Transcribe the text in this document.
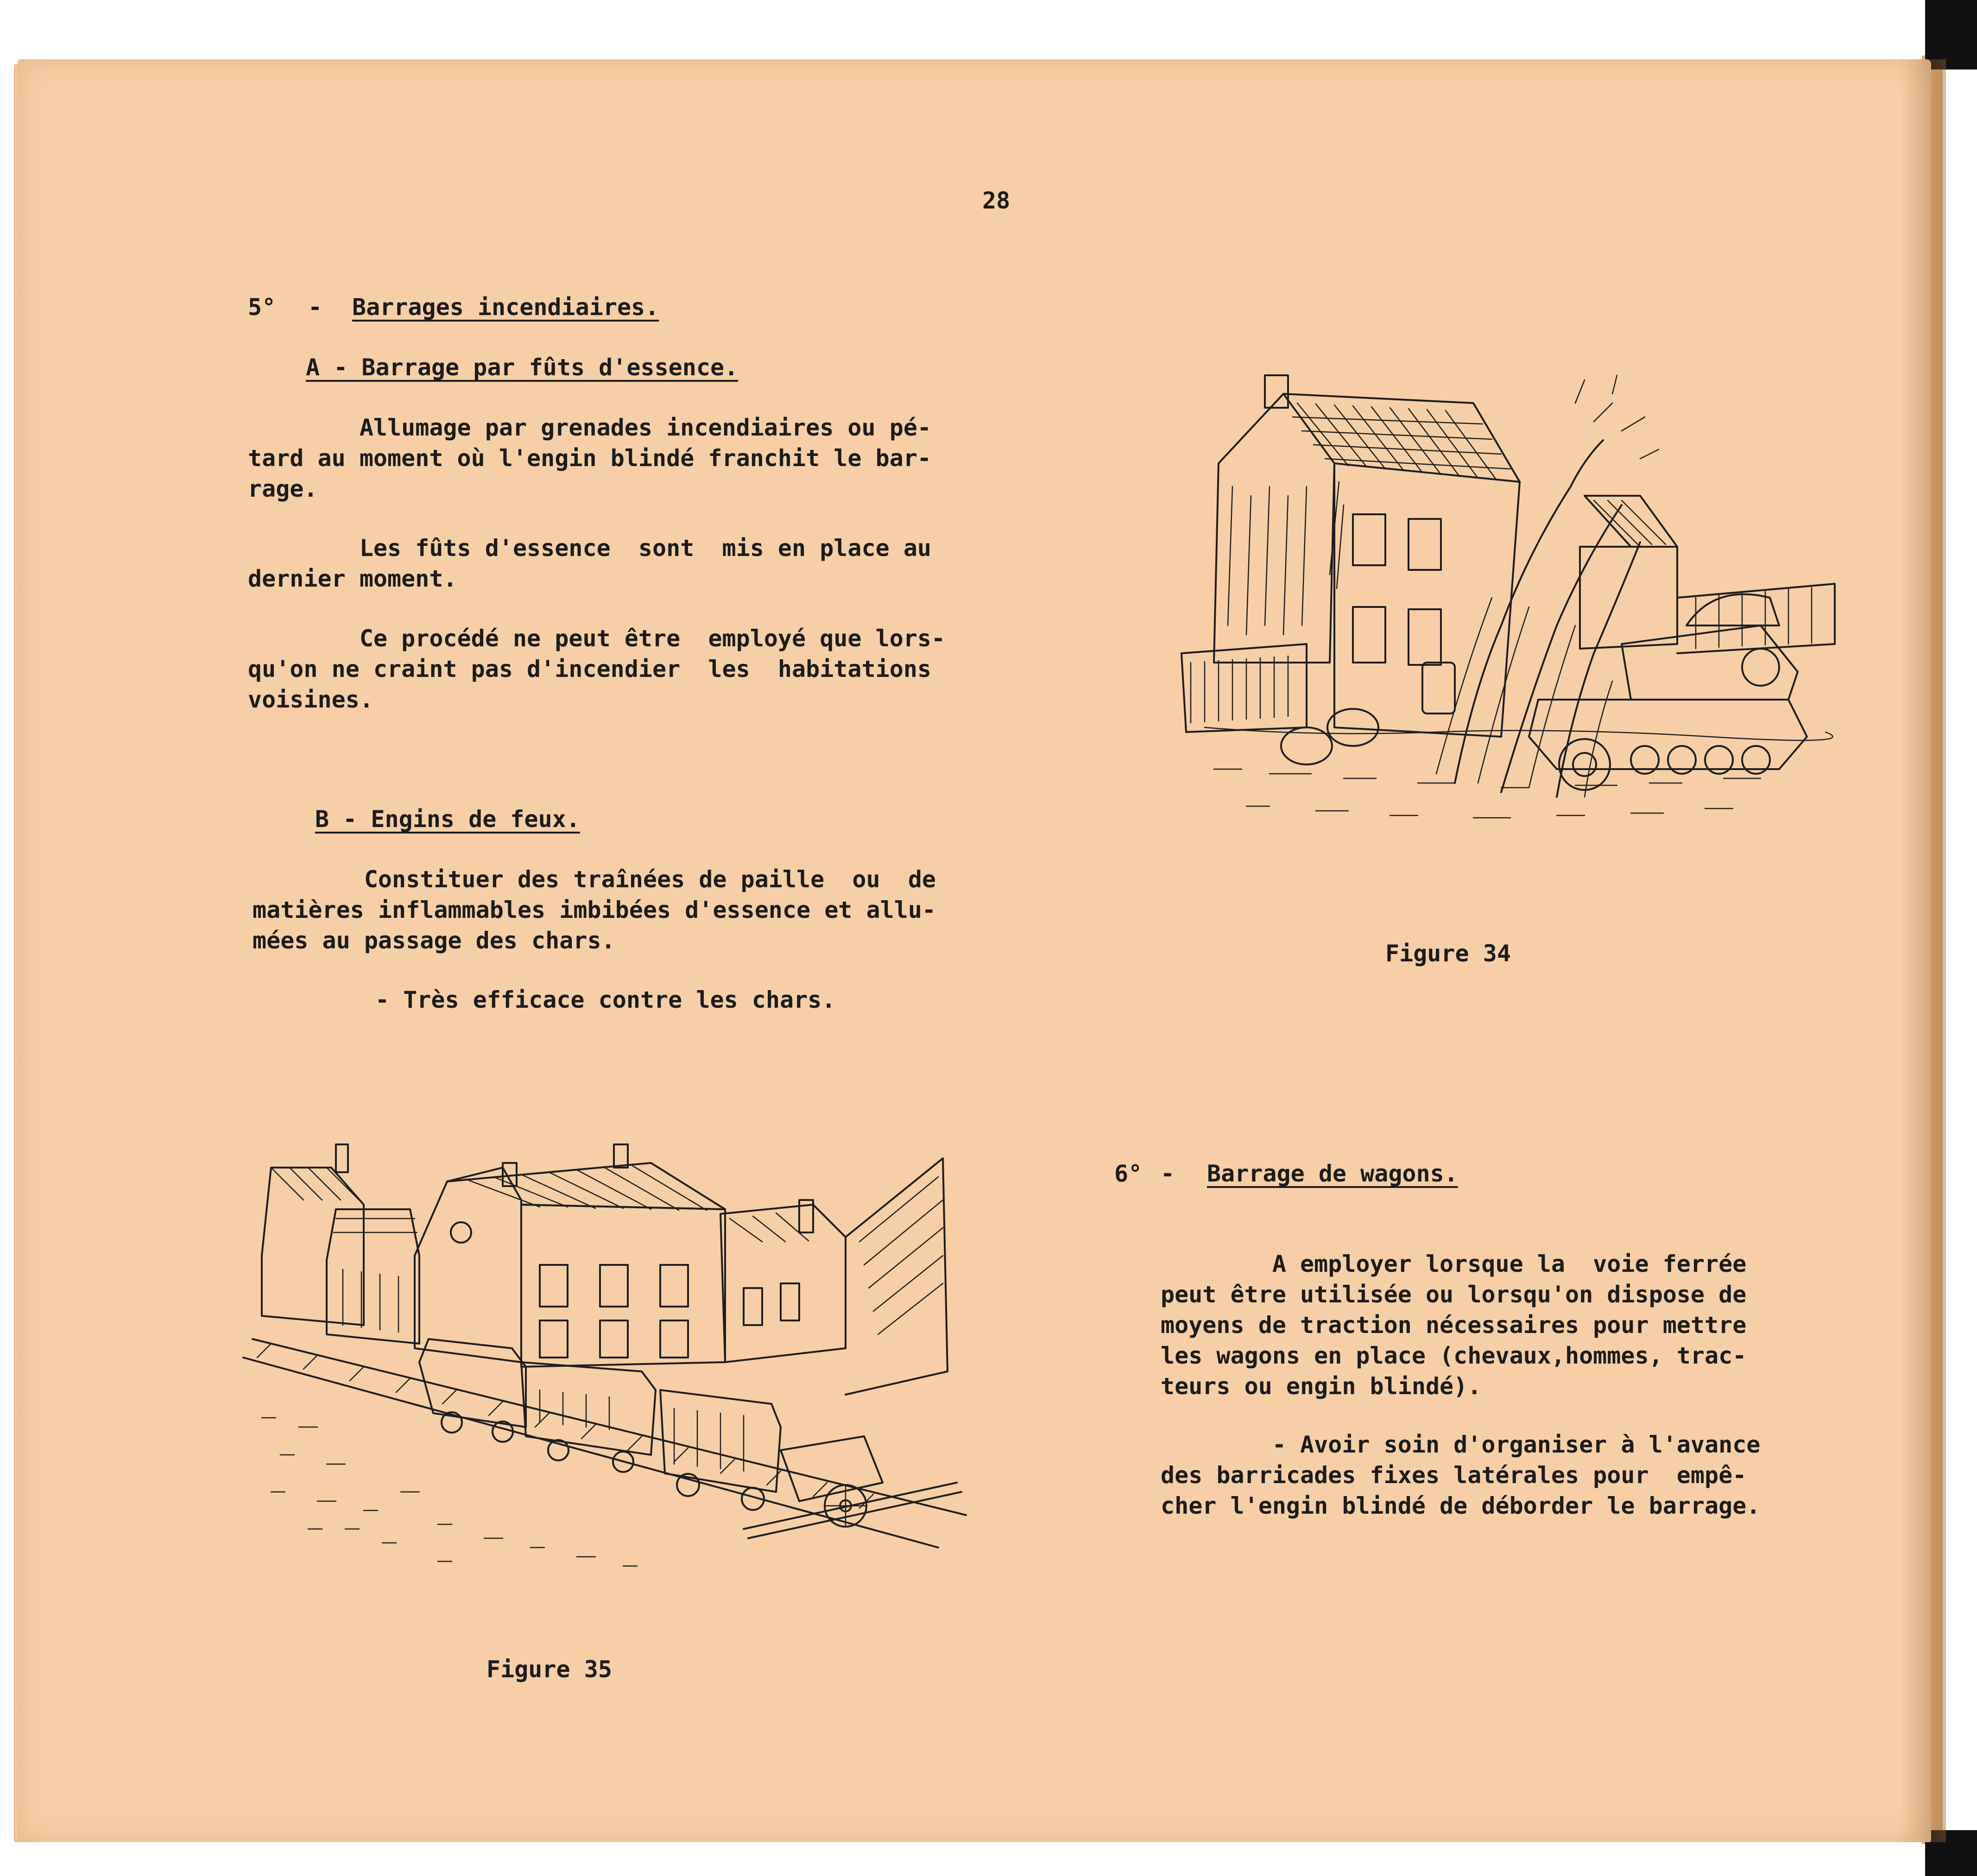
28
5° - Barrages incendiaires.
A - Barrage par fûts d'essence.
Allumage par grenades incendiaires ou pé-
tard au moment où l'engin blindé franchit le bar-
rage.
Les fûts d'essence  sont  mis en place au
dernier moment.
Ce procédé ne peut être  employé que lors-
qu'on ne craint pas d'incendier  les  habitations
voisines.
B - Engins de feux.
Constituer des traînées de paille  ou  de
matières inflammables imbibées d'essence et allu-
mées au passage des chars.
- Très efficace contre les chars.
Figure 34
Figure 35
6° - Barrage de wagons.
A employer lorsque la  voie ferrée
peut être utilisée ou lorsqu'on dispose de
moyens de traction nécessaires pour mettre
les wagons en place (chevaux,hommes, trac-
teurs ou engin blindé).
- Avoir soin d'organiser à l'avance
des barricades fixes latérales pour  empê-
cher l'engin blindé de déborder le barrage.
